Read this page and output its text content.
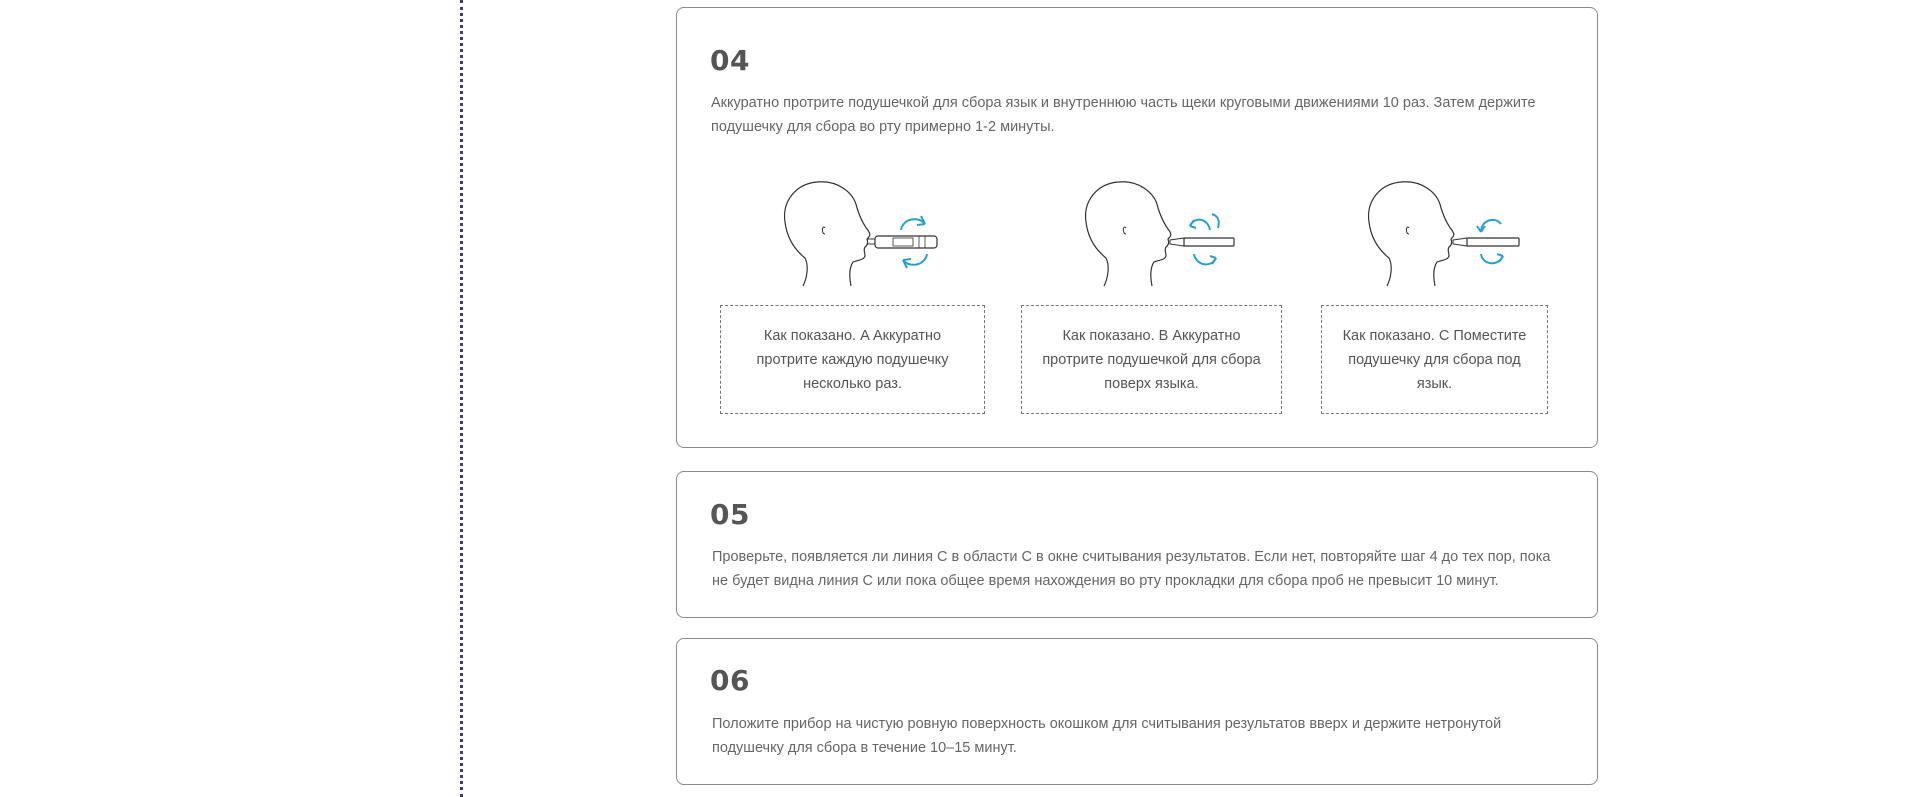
04

Аккуратно протрите подушечкой для сбора язык и внутреннюю часть щеки круговыми движениями 10 раз. Затем держите подушечку для сбора во рту примерно 1-2 минуты.

Как показано. A Аккуратно протрите каждую подушечку несколько раз.
Как показано. В Аккуратно протрите подушечкой для сбора поверх языка.
Как показано. С Поместите подушечку для сбора под язык.
05

Проверьте, появляется ли линия C в области C в окне считывания результатов. Если нет, повторяйте шаг 4 до тех пор, пока не будет видна линия C или пока общее время нахождения во рту прокладки для сбора проб не превысит 10 минут.

06

Положите прибор на чистую ровную поверхность окошком для считывания результатов вверх и держите нетронутой подушечку для сбора в течение 10–15 минут.
